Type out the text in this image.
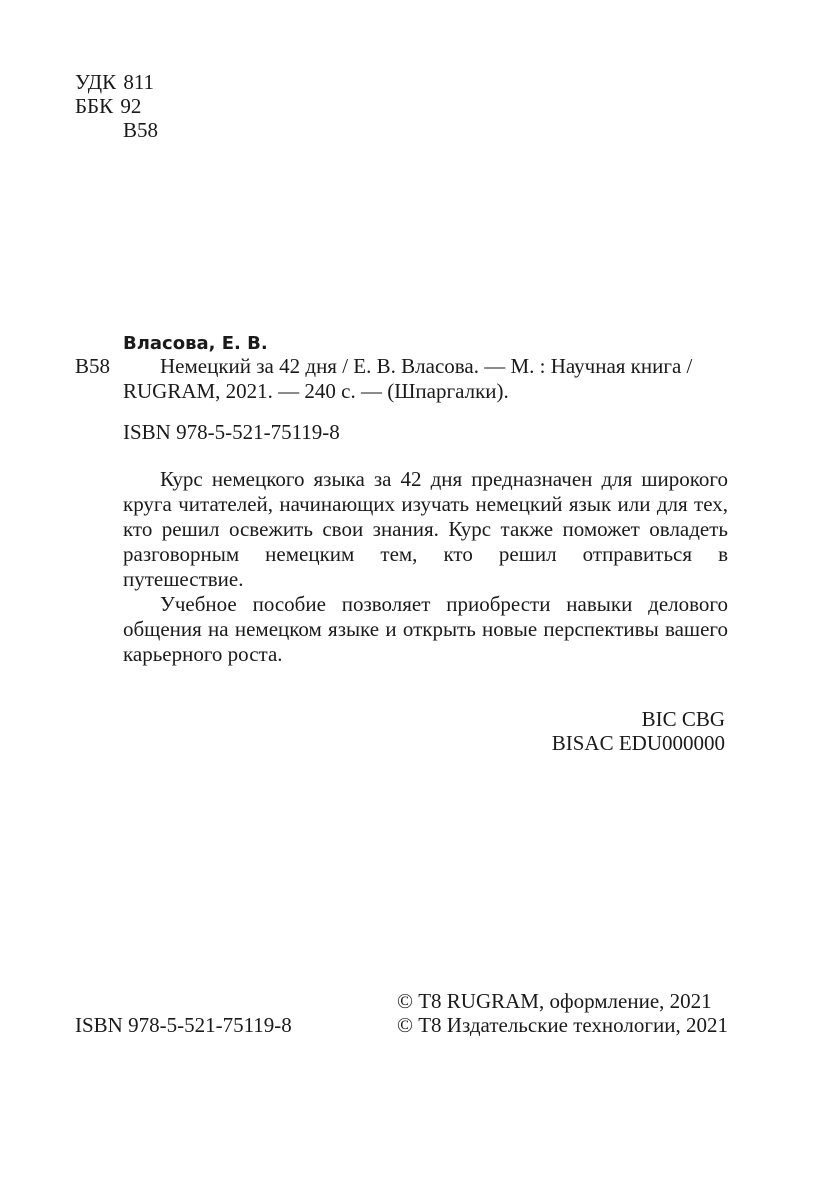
УДК 811
ББК 92
В58
Власова, Е. В.
В58 Немецкий за 42 дня / Е. В. Власова. — М. : Научная книга /
RUGRAM, 2021. — 240 с. — (Шпаргалки).
ISBN 978-5-521-75119-8

Курс немецкого языка за 42 дня предназначен для широкого круга читателей, начинающих изучать немецкий язык или для тех, кто решил освежить свои знания. Курс также поможет овладеть разговорным немецким тем, кто решил отправиться в путешествие.

Учебное пособие позволяет приобрести навыки делового общения на немецком языке и открыть новые перспективы вашего карьерного роста.

BIC CBG
BISAC EDU000000
ISBN 978-5-521-75119-8
© Т8 RUGRAM, оформление, 2021
© Т8 Издательские технологии, 2021
